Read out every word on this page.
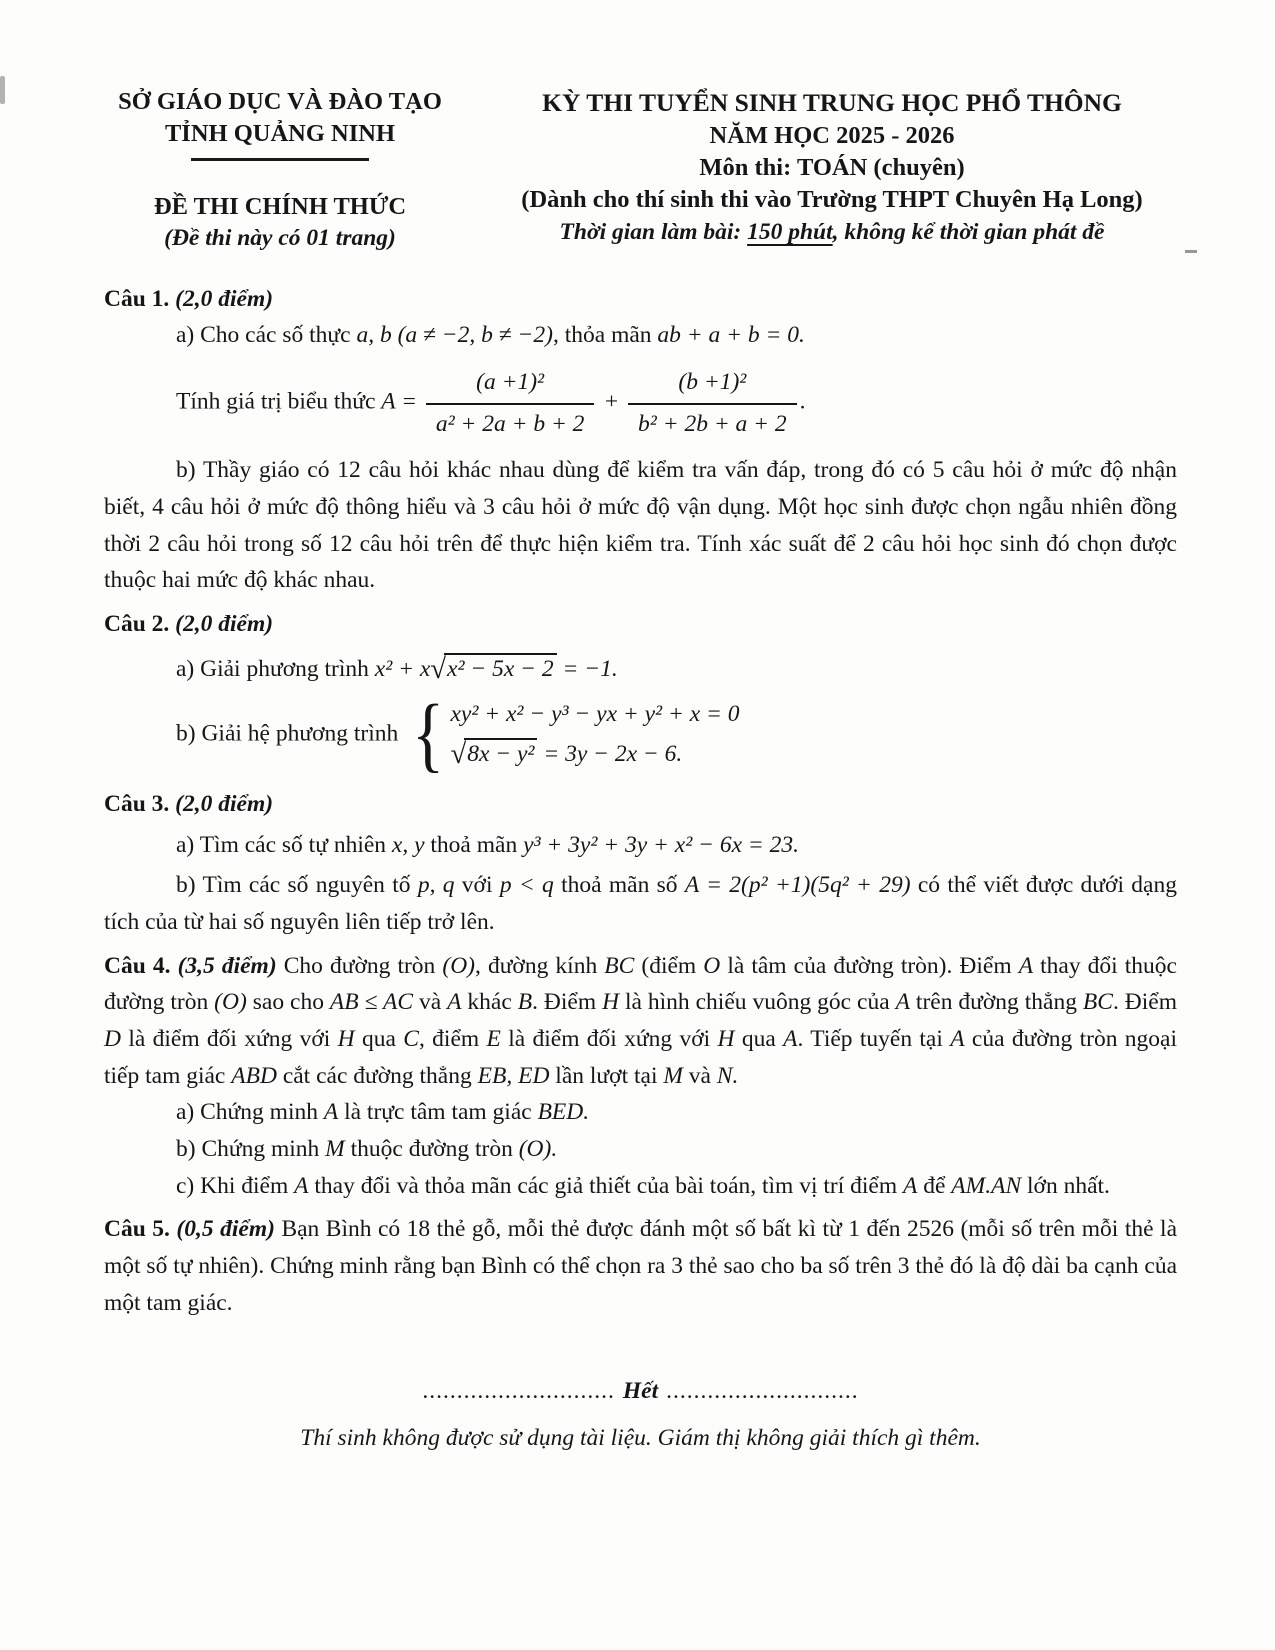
SỞ GIÁO DỤC VÀ ĐÀO TẠO
TỈNH QUẢNG NINH
ĐỀ THI CHÍNH THỨC
(Đề thi này có 01 trang)
KỲ THI TUYỂN SINH TRUNG HỌC PHỔ THÔNG
NĂM HỌC 2025 - 2026
Môn thi: TOÁN (chuyên)
(Dành cho thí sinh thi vào Trường THPT Chuyên Hạ Long)
Thời gian làm bài: 150 phút, không kể thời gian phát đề

Câu 1. (2,0 điểm)

a) Cho các số thực a, b (a ≠ −2, b ≠ −2), thỏa mãn ab + a + b = 0.

Tính giá trị biểu thức $A = \frac{\text{(a +1)²}}{\text{a² + 2a + b + 2}} + \frac{\text{(b +1)²}}{\text{b² + 2b + a + 2}}$ .

b) Thầy giáo có 12 câu hỏi khác nhau dùng để kiểm tra vấn đáp, trong đó có 5 câu hỏi ở mức độ nhận biết, 4 câu hỏi ở mức độ thông hiểu và 3 câu hỏi ở mức độ vận dụng. Một học sinh được chọn ngẫu nhiên đồng thời 2 câu hỏi trong số 12 câu hỏi trên để thực hiện kiểm tra. Tính xác suất để 2 câu hỏi học sinh đó chọn được thuộc hai mức độ khác nhau.

Câu 2. (2,0 điểm)

a) Giải phương trình x² + x√x² − 5x − 2 = −1.

b) Giải hệ phương trình { xy² + x² − y³ − yx + y² + x = 0
√8x − y² = 3y − 2x − 6.

Câu 3. (2,0 điểm)

a) Tìm các số tự nhiên x, y thoả mãn y³ + 3y² + 3y + x² − 6x = 23.

b) Tìm các số nguyên tố p, q với p < q thoả mãn số A = 2(p² +1)(5q² + 29) có thể viết được dưới dạng tích của từ hai số nguyên liên tiếp trở lên.

Câu 4. (3,5 điểm) Cho đường tròn (O), đường kính BC (điểm O là tâm của đường tròn). Điểm A thay đổi thuộc đường tròn (O) sao cho AB ≤ AC và A khác B. Điểm H là hình chiếu vuông góc của A trên đường thẳng BC. Điểm D là điểm đối xứng với H qua C, điểm E là điểm đối xứng với H qua A. Tiếp tuyến tại A của đường tròn ngoại tiếp tam giác ABD cắt các đường thẳng EB, ED lần lượt tại M và N.

a) Chứng minh A là trực tâm tam giác BED.

b) Chứng minh M thuộc đường tròn (O).

c) Khi điểm A thay đổi và thỏa mãn các giả thiết của bài toán, tìm vị trí điểm A để AM.AN lớn nhất.

Câu 5. (0,5 điểm) Bạn Bình có 18 thẻ gỗ, mỗi thẻ được đánh một số bất kì từ 1 đến 2526 (mỗi số trên mỗi thẻ là một số tự nhiên). Chứng minh rằng bạn Bình có thể chọn ra 3 thẻ sao cho ba số trên 3 thẻ đó là độ dài ba cạnh của một tam giác.

............................ Hết ............................
Thí sinh không được sử dụng tài liệu. Giám thị không giải thích gì thêm.
